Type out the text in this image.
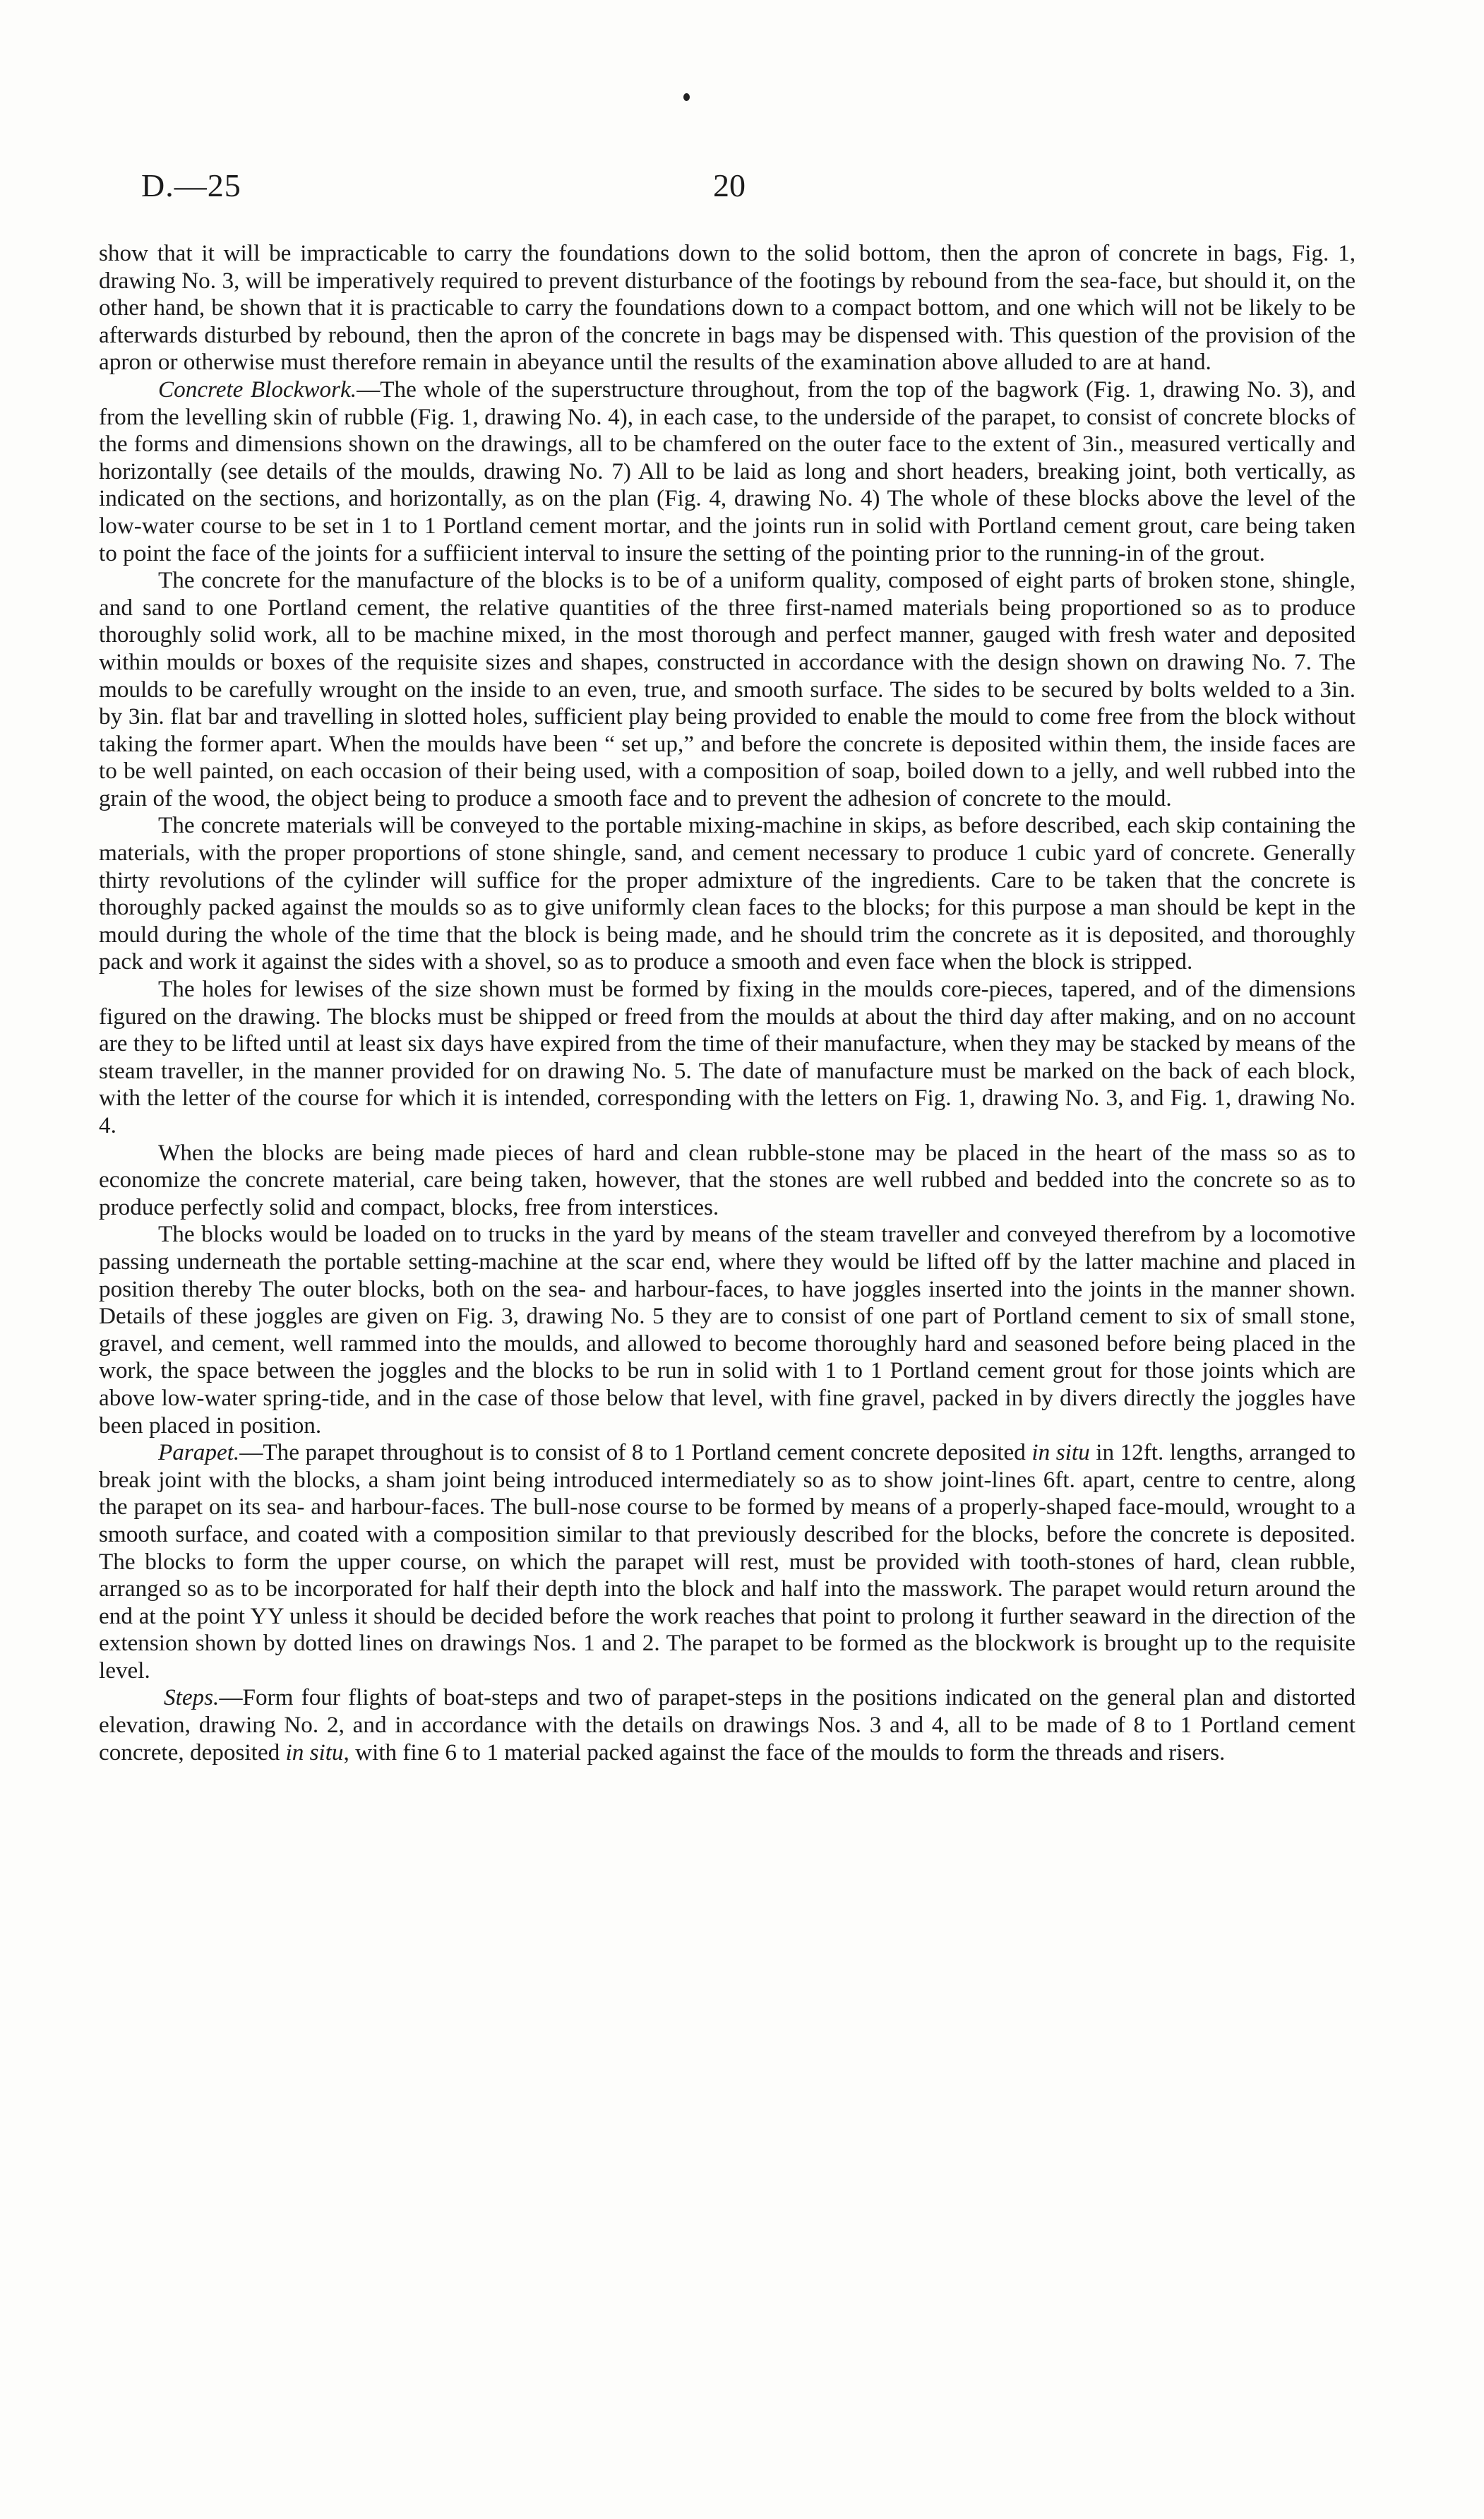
D.—25	20

show that it will be impracticable to carry the foundations down to the solid bottom, then the apron of concrete in bags, Fig. 1, drawing No. 3, will be imperatively required to prevent disturbance of the footings by rebound from the sea-face, but should it, on the other hand, be shown that it is practicable to carry the foundations down to a compact bottom, and one which will not be likely to be afterwards disturbed by rebound, then the apron of the concrete in bags may be dispensed with. This question of the provision of the apron or otherwise must therefore remain in abeyance until the results of the examination above alluded to are at hand.

Concrete Blockwork.—The whole of the superstructure throughout, from the top of the bagwork (Fig. 1, drawing No. 3), and from the levelling skin of rubble (Fig. 1, drawing No. 4), in each case, to the underside of the parapet, to consist of concrete blocks of the forms and dimensions shown on the drawings, all to be chamfered on the outer face to the extent of 3in., measured vertically and horizontally (see details of the moulds, drawing No. 7) All to be laid as long and short headers, breaking joint, both vertically, as indicated on the sections, and horizontally, as on the plan (Fig. 4, drawing No. 4) The whole of these blocks above the level of the low-water course to be set in 1 to 1 Portland cement mortar, and the joints run in solid with Portland cement grout, care being taken to point the face of the joints for a suffiicient interval to insure the setting of the pointing prior to the running-in of the grout.

The concrete for the manufacture of the blocks is to be of a uniform quality, composed of eight parts of broken stone, shingle, and sand to one Portland cement, the relative quantities of the three first-named materials being proportioned so as to produce thoroughly solid work, all to be machine mixed, in the most thorough and perfect manner, gauged with fresh water and deposited within moulds or boxes of the requisite sizes and shapes, constructed in accordance with the design shown on drawing No. 7. The moulds to be carefully wrought on the inside to an even, true, and smooth surface. The sides to be secured by bolts welded to a 3in. by 3in. flat bar and travelling in slotted holes, sufficient play being provided to enable the mould to come free from the block without taking the former apart. When the moulds have been “ set up,” and before the concrete is deposited within them, the inside faces are to be well painted, on each occasion of their being used, with a composition of soap, boiled down to a jelly, and well rubbed into the grain of the wood, the object being to produce a smooth face and to prevent the adhesion of concrete to the mould.

The concrete materials will be conveyed to the portable mixing-machine in skips, as before described, each skip containing the materials, with the proper proportions of stone shingle, sand, and cement necessary to produce 1 cubic yard of concrete. Generally thirty revolutions of the cylinder will suffice for the proper admixture of the ingredients. Care to be taken that the concrete is thoroughly packed against the moulds so as to give uniformly clean faces to the blocks; for this purpose a man should be kept in the mould during the whole of the time that the block is being made, and he should trim the concrete as it is deposited, and thoroughly pack and work it against the sides with a shovel, so as to produce a smooth and even face when the block is stripped.

The holes for lewises of the size shown must be formed by fixing in the moulds core-pieces, tapered, and of the dimensions figured on the drawing. The blocks must be shipped or freed from the moulds at about the third day after making, and on no account are they to be lifted until at least six days have expired from the time of their manufacture, when they may be stacked by means of the steam traveller, in the manner provided for on drawing No. 5. The date of manufacture must be marked on the back of each block, with the letter of the course for which it is intended, corresponding with the letters on Fig. 1, drawing No. 3, and Fig. 1, drawing No. 4.

When the blocks are being made pieces of hard and clean rubble-stone may be placed in the heart of the mass so as to economize the concrete material, care being taken, however, that the stones are well rubbed and bedded into the concrete so as to produce perfectly solid and compact, blocks, free from interstices.

The blocks would be loaded on to trucks in the yard by means of the steam traveller and conveyed therefrom by a locomotive passing underneath the portable setting-machine at the scar end, where they would be lifted off by the latter machine and placed in position thereby The outer blocks, both on the sea- and harbour-faces, to have joggles inserted into the joints in the manner shown. Details of these joggles are given on Fig. 3, drawing No. 5 they are to consist of one part of Portland cement to six of small stone, gravel, and cement, well rammed into the moulds, and allowed to become thoroughly hard and seasoned before being placed in the work, the space between the joggles and the blocks to be run in solid with 1 to 1 Portland cement grout for those joints which are above low-water spring-tide, and in the case of those below that level, with fine gravel, packed in by divers directly the joggles have been placed in position.

Parapet.—The parapet throughout is to consist of 8 to 1 Portland cement concrete deposited in situ in 12ft. lengths, arranged to break joint with the blocks, a sham joint being introduced intermediately so as to show joint-lines 6ft. apart, centre to centre, along the parapet on its sea- and harbour-faces. The bull-nose course to be formed by means of a properly-shaped face-mould, wrought to a smooth surface, and coated with a composition similar to that previously described for the blocks, before the concrete is deposited. The blocks to form the upper course, on which the parapet will rest, must be provided with tooth-stones of hard, clean rubble, arranged so as to be incorporated for half their depth into the block and half into the masswork. The parapet would return around the end at the point YY unless it should be decided before the work reaches that point to prolong it further seaward in the direction of the extension shown by dotted lines on drawings Nos. 1 and 2. The parapet to be formed as the blockwork is brought up to the requisite level.

Steps.—Form four flights of boat-steps and two of parapet-steps in the positions indicated on the general plan and distorted elevation, drawing No. 2, and in accordance with the details on drawings Nos. 3 and 4, all to be made of 8 to 1 Portland cement concrete, deposited in situ, with fine 6 to 1 material packed against the face of the moulds to form the threads and risers.
